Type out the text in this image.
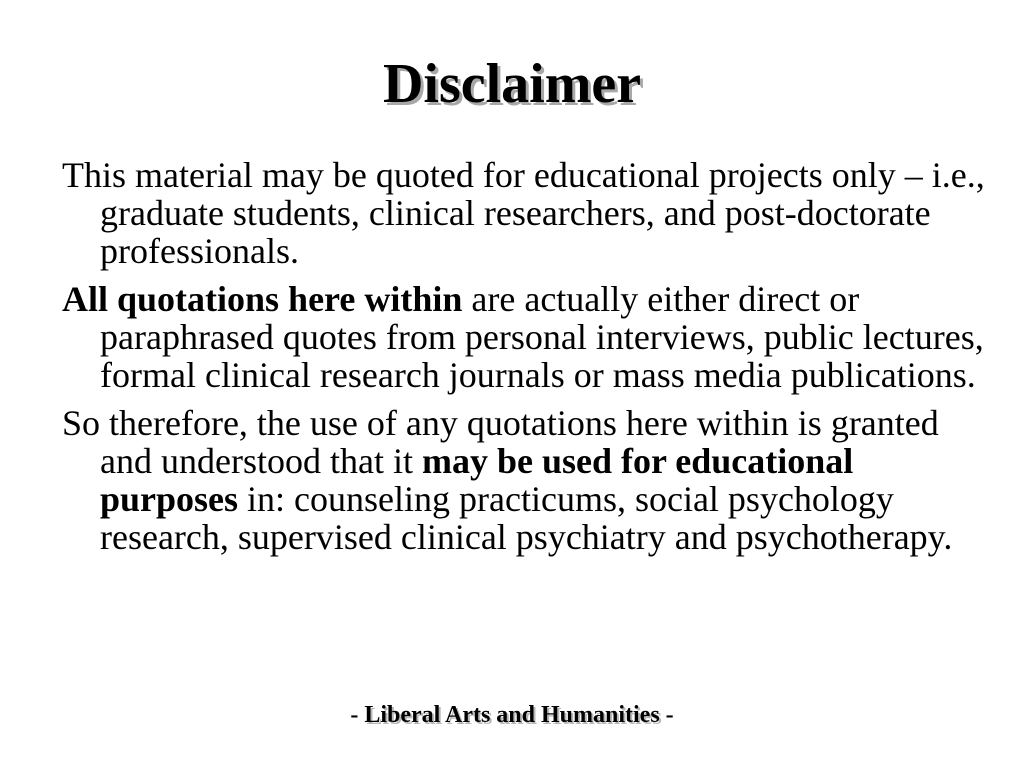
Disclaimer

This material may be quoted for educational projects only – i.e., graduate students, clinical researchers, and post-doctorate professionals.

All quotations here within are actually either direct or paraphrased quotes from personal interviews, public lectures, formal clinical research journals or mass media publications.

So therefore, the use of any quotations here within is granted and understood that it may be used for educational purposes in: counseling practicums, social psychology research, supervised clinical psychiatry and psychotherapy.

- Liberal Arts and Humanities -
